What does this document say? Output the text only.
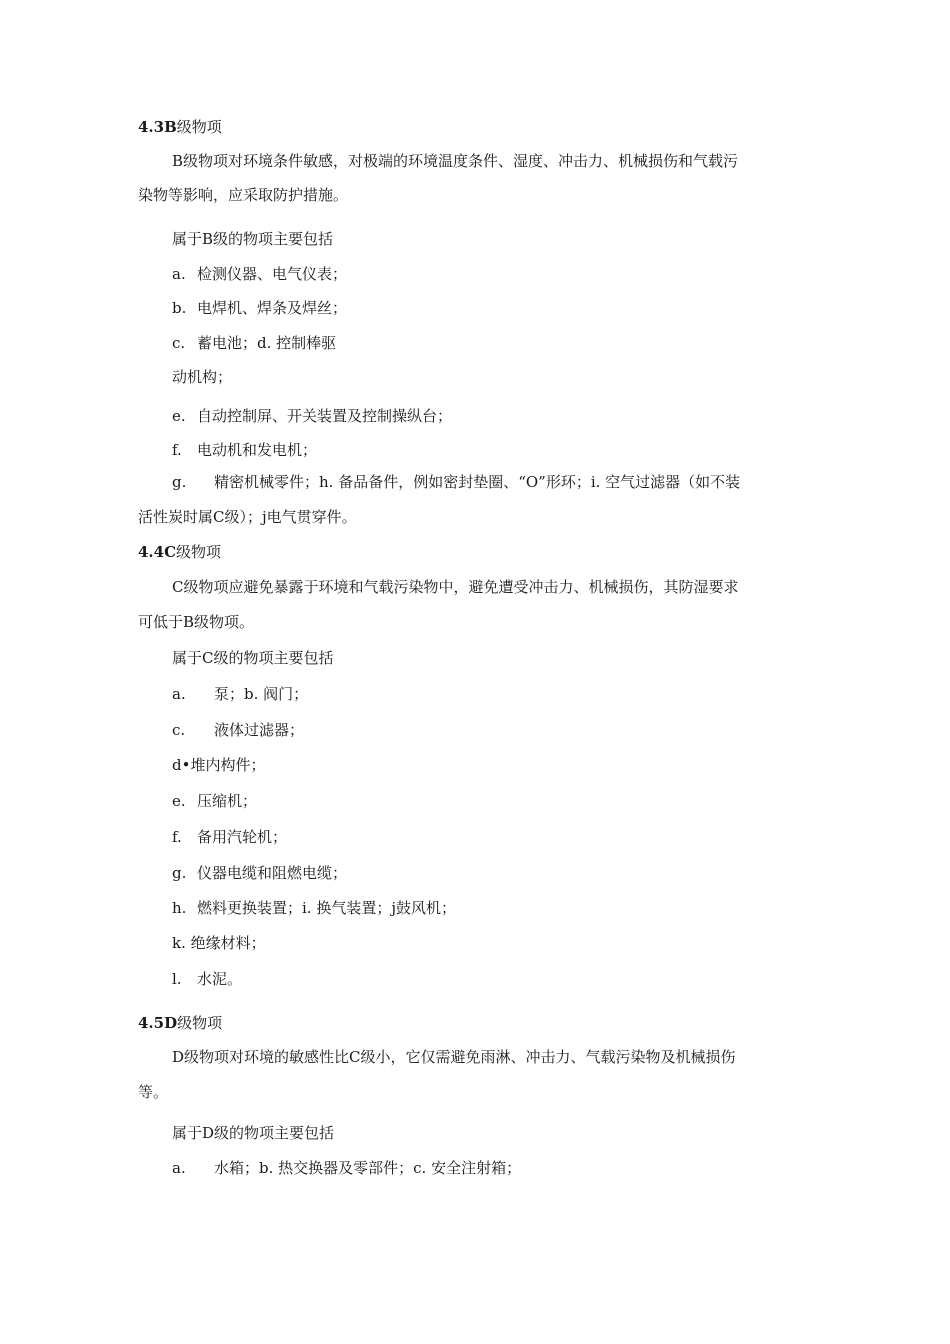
4.3B级物项
B级物项对环境条件敏感，对极端的环境温度条件、湿度、冲击力、机械损伤和气载污
染物等影响，应采取防护措施。
属于B级的物项主要包括
a. 检测仪器、电气仪表；
b. 电焊机、焊条及焊丝；
c. 蓄电池；d. 控制棒驱
动机构；
e. 自动控制屏、开关装置及控制操纵台；
f. 电动机和发电机；
g. 精密机械零件；h. 备品备件，例如密封垫圈、“O”形环；i. 空气过滤器（如不装
活性炭时属C级）；j电气贯穿件。
4.4C级物项
C级物项应避免暴露于环境和气载污染物中，避免遭受冲击力、机械损伤，其防湿要求
可低于B级物项。
属于C级的物项主要包括
a. 泵；b. 阀门；
c. 液体过滤器；
d•堆内构件；
e. 压缩机；
f. 备用汽轮机；
g. 仪器电缆和阻燃电缆；
h. 燃料更换装置；i. 换气装置；j鼓风机；
k. 绝缘材料；
l. 水泥。
4.5D级物项
D级物项对环境的敏感性比C级小，它仅需避免雨淋、冲击力、气载污染物及机械损伤
等。
属于D级的物项主要包括
a. 水箱；b. 热交换器及零部件；c. 安全注射箱；
